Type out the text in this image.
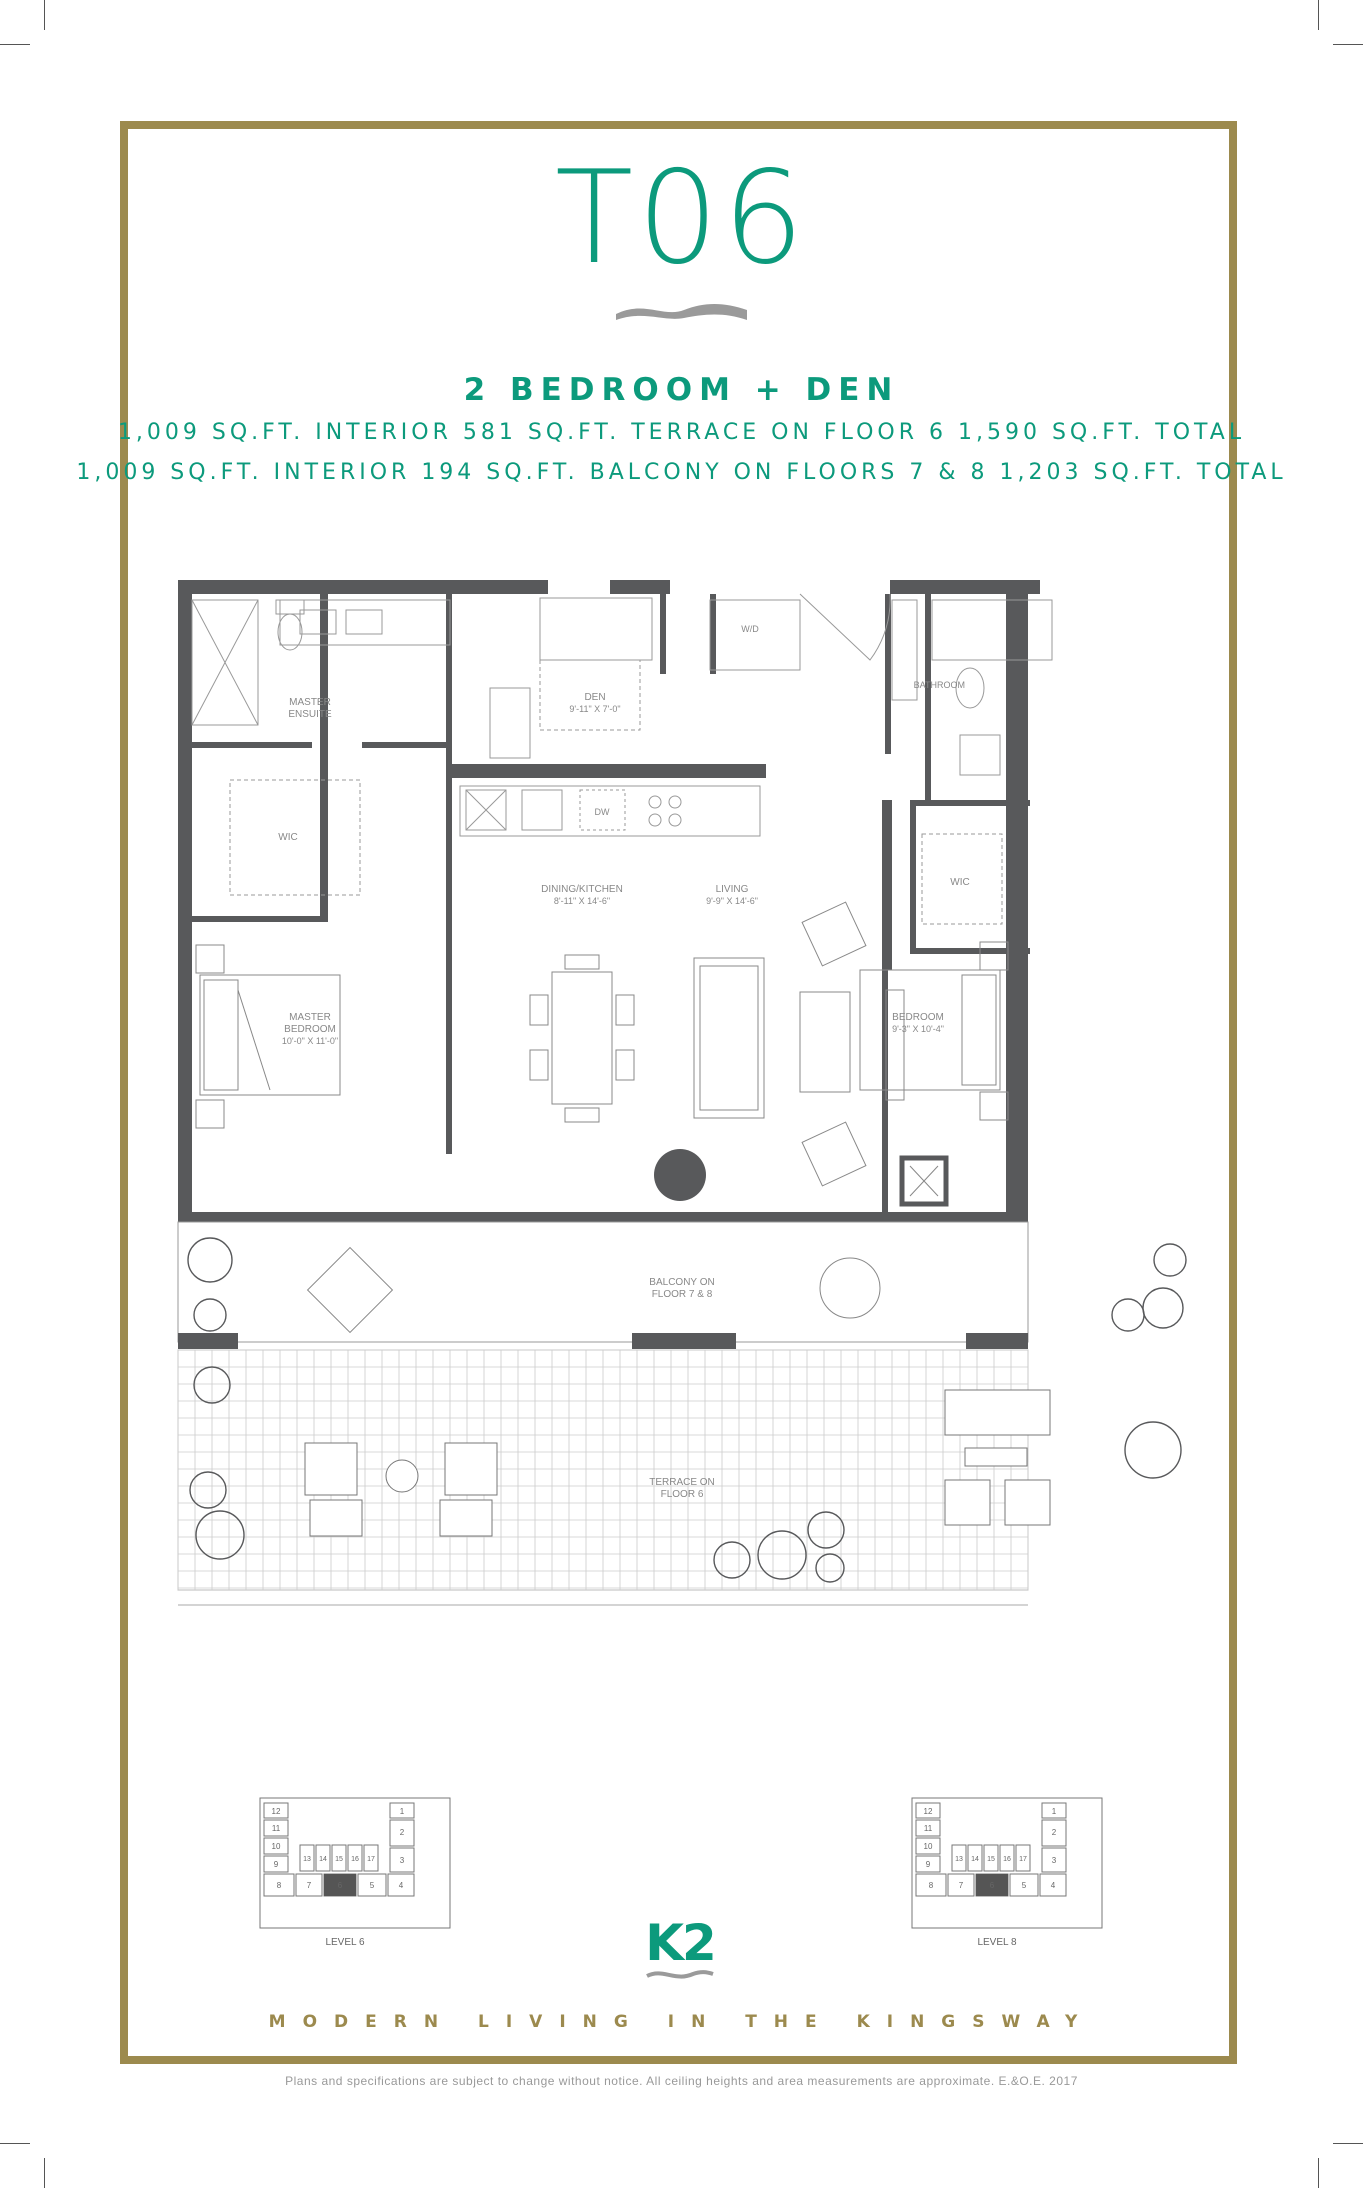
T06
2 BEDROOM + DEN
1,009 SQ.FT. INTERIOR 581 SQ.FT. TERRACE ON FLOOR 6 1,590 SQ.FT. TOTAL
1,009 SQ.FT. INTERIOR 194 SQ.FT. BALCONY ON FLOORS 7 & 8 1,203 SQ.FT. TOTAL
MASTER
ENSUITE
WIC
DEN
9'-11" X 7'-0"
W/D
BATHROOM
WIC
DW
DINING/KITCHEN
8'-11" X 14'-6"
LIVING
9'-9" X 14'-6"
MASTER
BEDROOM
10'-0" X 11'-0"
BEDROOM
9'-3" X 10'-4"
BALCONY ON
FLOOR 7 & 8
TERRACE ON
FLOOR 6
12
11
10
9
8	7	6	5	4
3
2
1
13 14 15 16 17
LEVEL 6
12
11
10
9
8	7	6	5	4
3
2
1
13 14 15 16 17
LEVEL 8
K2
MODERN LIVING IN THE KINGSWAY
Plans and specifications are subject to change without notice. All ceiling heights and area measurements are approximate. E.&O.E. 2017
